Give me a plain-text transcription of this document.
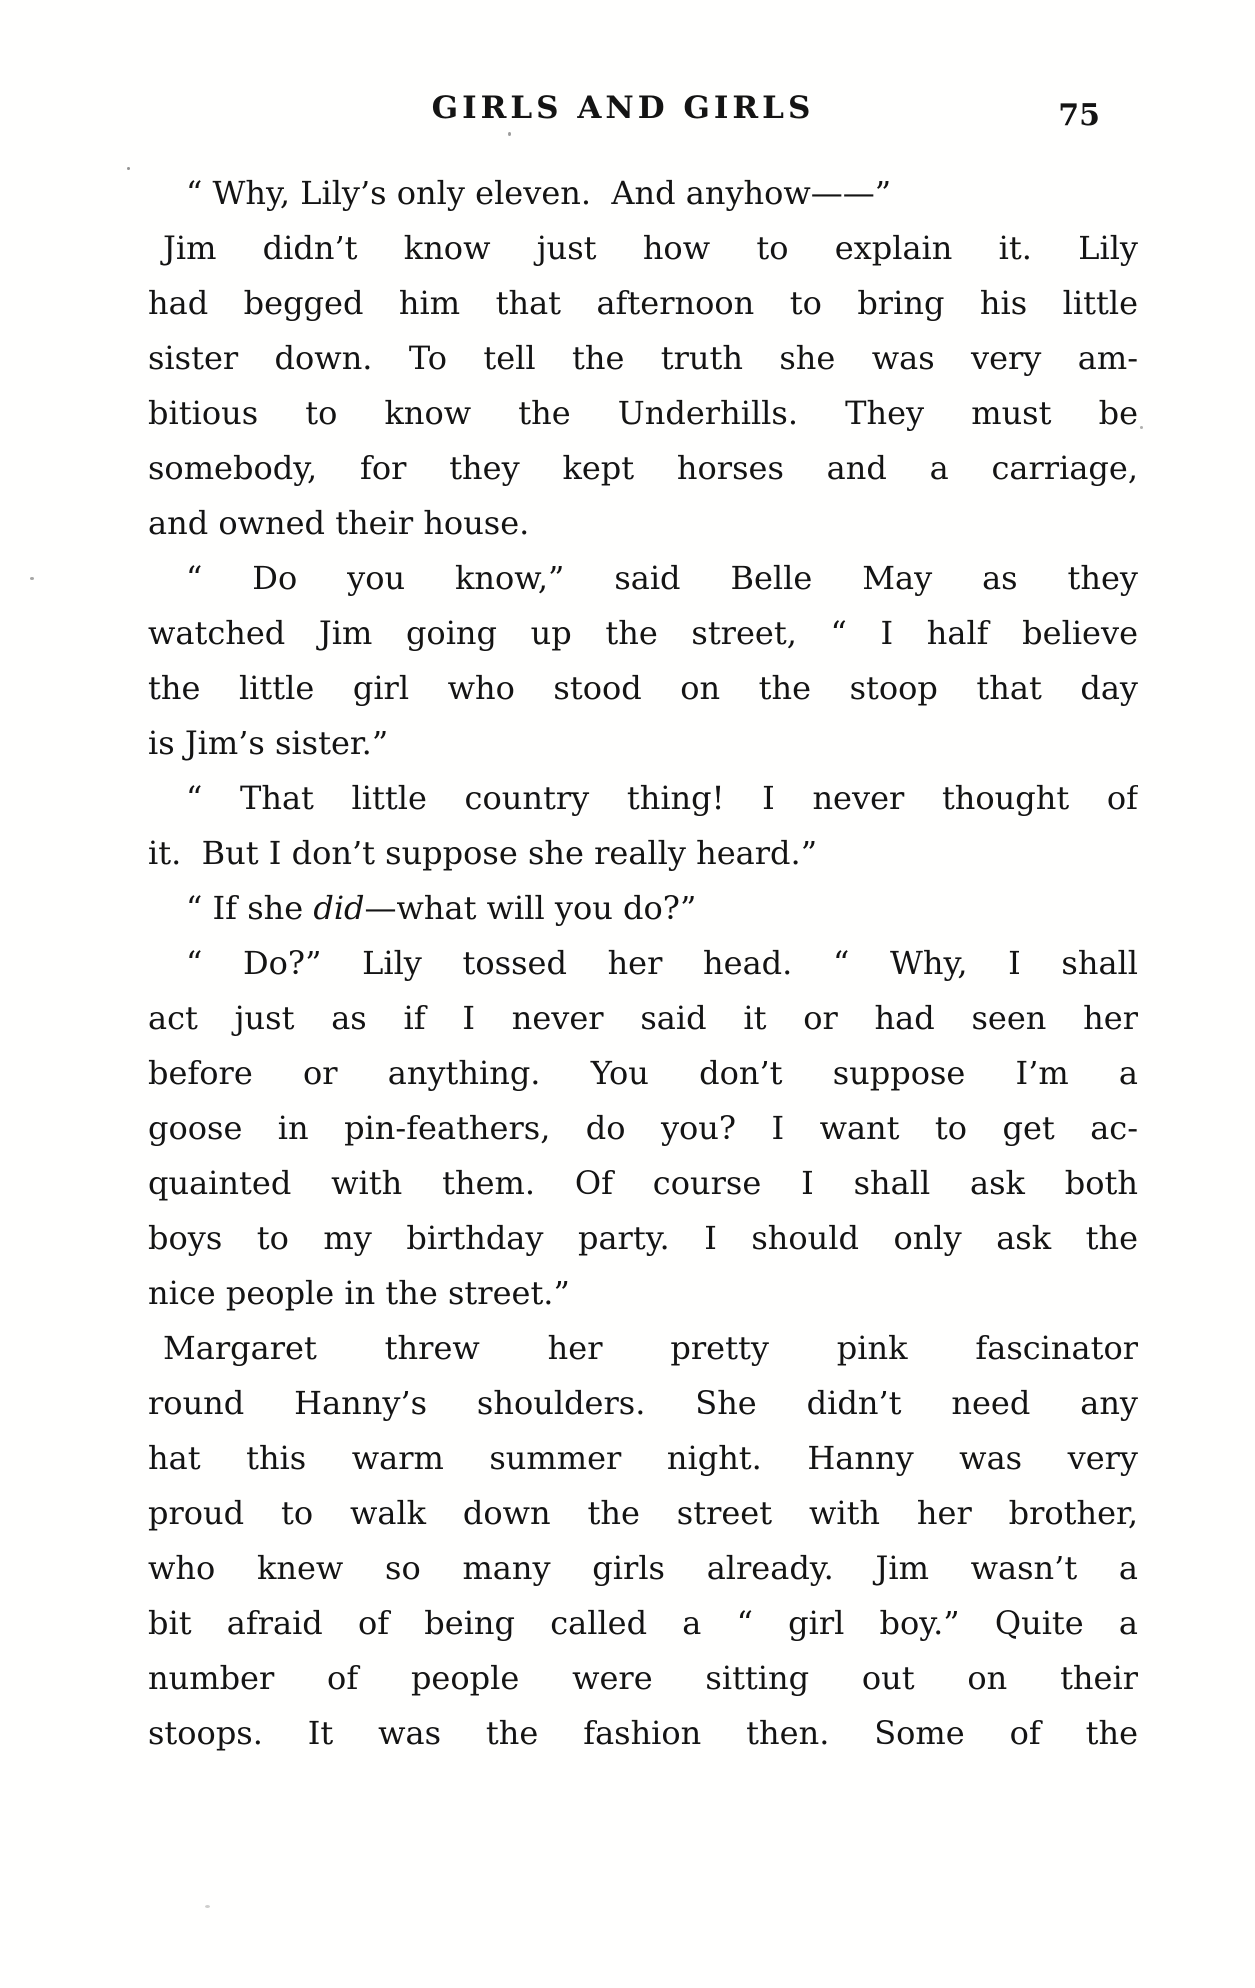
GIRLS AND GIRLS	75
“ Why, Lily’s only eleven.  And anyhow——”
Jim didn’t know just how to explain it. Lily
had begged him that afternoon to bring his little
sister down. To tell the truth she was very am-
bitious to know the Underhills. They must be
somebody, for they kept horses and a carriage,
and owned their house.
“ Do you know,” said Belle May as they
watched Jim going up the street, “ I half believe
the little girl who stood on the stoop that day
is Jim’s sister.”
“ That little country thing! I never thought of
it.  But I don’t suppose she really heard.”
“ If she did—what will you do?”
“ Do?” Lily tossed her head. “ Why, I shall
act just as if I never said it or had seen her
before or anything. You don’t suppose I’m a
goose in pin-feathers, do you? I want to get ac-
quainted with them. Of course I shall ask both
boys to my birthday party. I should only ask the
nice people in the street.”
Margaret threw her pretty pink fascinator
round Hanny’s shoulders. She didn’t need any
hat this warm summer night. Hanny was very
proud to walk down the street with her brother,
who knew so many girls already. Jim wasn’t a
bit afraid of being called a “ girl boy.” Quite a
number of people were sitting out on their
stoops. It was the fashion then. Some of the
